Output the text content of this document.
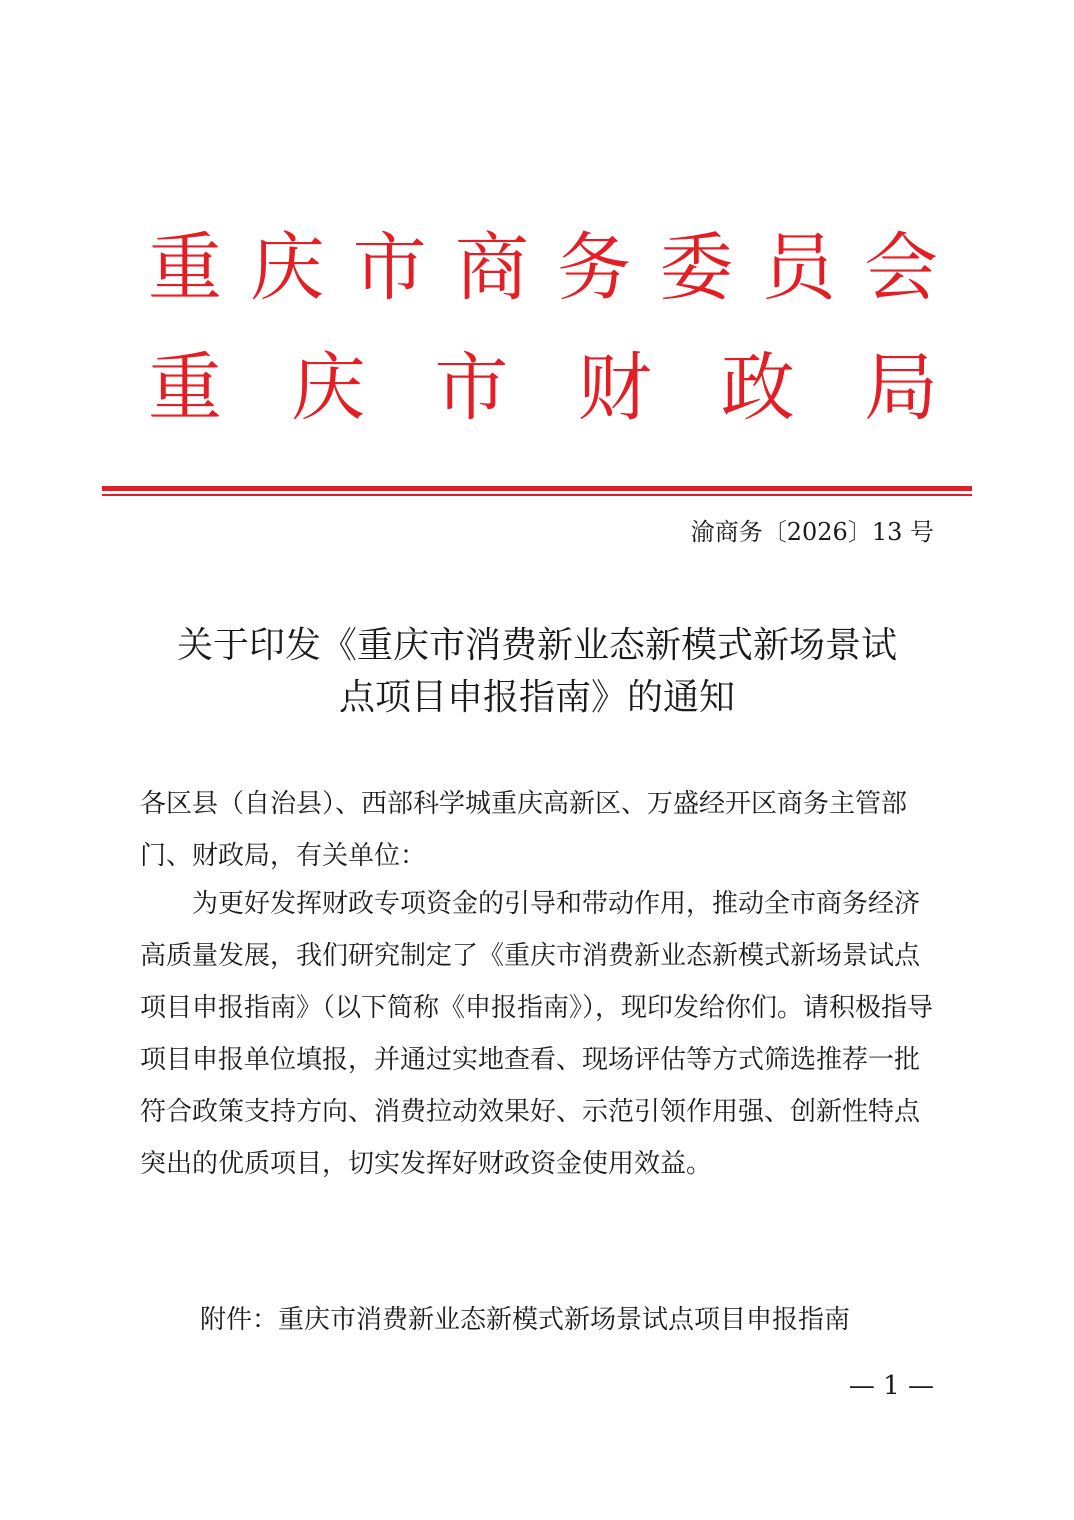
重 庆 市 商 务 委 员 会
重 庆 市 财 政 局
渝商务〔2026〕13 号
关于印发《重庆市消费新业态新模式新场景试
点项目申报指南》的通知
各区县（自治县）、西部科学城重庆高新区、万盛经开区商务主管部门、财政局，有关单位：
为更好发挥财政专项资金的引导和带动作用，推动全市商务经济高质量发展，我们研究制定了《重庆市消费新业态新模式新场景试点项目申报指南》（以下简称《申报指南》），现印发给你们。请积极指导项目申报单位填报，并通过实地查看、现场评估等方式筛选推荐一批符合政策支持方向、消费拉动效果好、示范引领作用强、创新性特点突出的优质项目，切实发挥好财政资金使用效益。
附件：重庆市消费新业态新模式新场景试点项目申报指南
— 1 —
